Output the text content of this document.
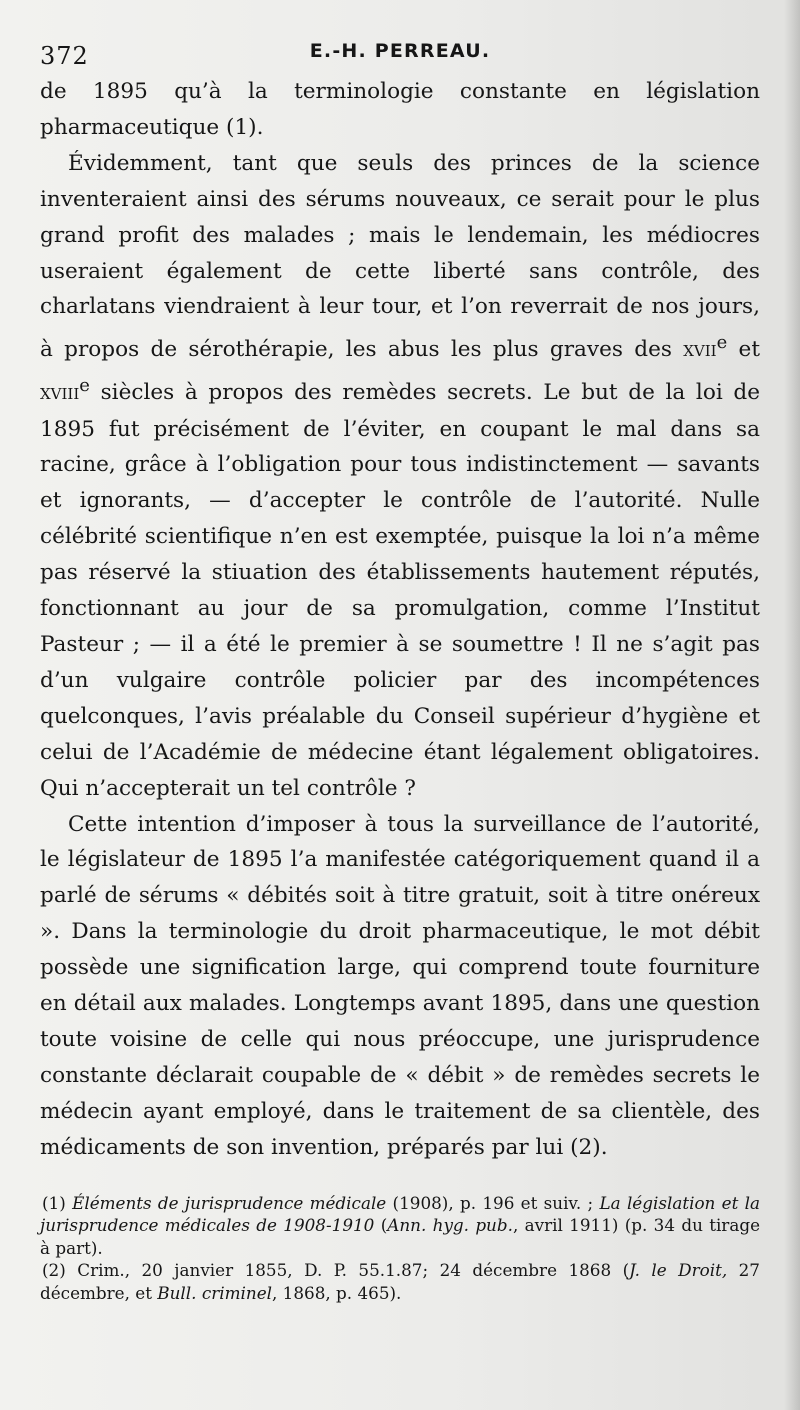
372	E.-H. PERREAU.

de 1895 qu’à la terminologie constante en législation pharmaceutique (1).

Évidemment, tant que seuls des princes de la science inventeraient ainsi des sérums nouveaux, ce serait pour le plus grand profit des malades ; mais le lendemain, les médiocres useraient également de cette liberté sans contrôle, des charlatans viendraient à leur tour, et l’on reverrait de nos jours, à propos de sérothérapie, les abus les plus graves des xvii$^e$ et xviii$^e$ siècles à propos des remèdes secrets. Le but de la loi de 1895 fut précisément de l’éviter, en coupant le mal dans sa racine, grâce à l’obligation pour tous indistinctement — savants et ignorants, — d’accepter le contrôle de l’autorité. Nulle célébrité scientifique n’en est exemptée, puisque la loi n’a même pas réservé la stiuation des établissements hautement réputés, fonctionnant au jour de sa promulgation, comme l’Institut Pasteur ; — il a été le premier à se soumettre ! Il ne s’agit pas d’un vulgaire contrôle policier par des incompétences quelconques, l’avis préalable du Conseil supérieur d’hygiène et celui de l’Académie de médecine étant légalement obligatoires. Qui n’accepterait un tel contrôle ?

Cette intention d’imposer à tous la surveillance de l’autorité, le législateur de 1895 l’a manifestée catégoriquement quand il a parlé de sérums « débités soit à titre gratuit, soit à titre onéreux ». Dans la terminologie du droit pharmaceutique, le mot débit possède une signification large, qui comprend toute fourniture en détail aux malades. Longtemps avant 1895, dans une question toute voisine de celle qui nous préoccupe, une jurisprudence constante déclarait coupable de « débit » de remèdes secrets le médecin ayant employé, dans le traitement de sa clientèle, des médicaments de son invention, préparés par lui (2).

(1) Éléments de jurisprudence médicale (1908), p. 196 et suiv. ; La législation et la jurisprudence médicales de 1908-1910 (Ann. hyg. pub., avril 1911) (p. 34 du tirage à part).

(2) Crim., 20 janvier 1855, D. P. 55.1.87; 24 décembre 1868 (J. le Droit, 27 décembre, et Bull. criminel, 1868, p. 465).
